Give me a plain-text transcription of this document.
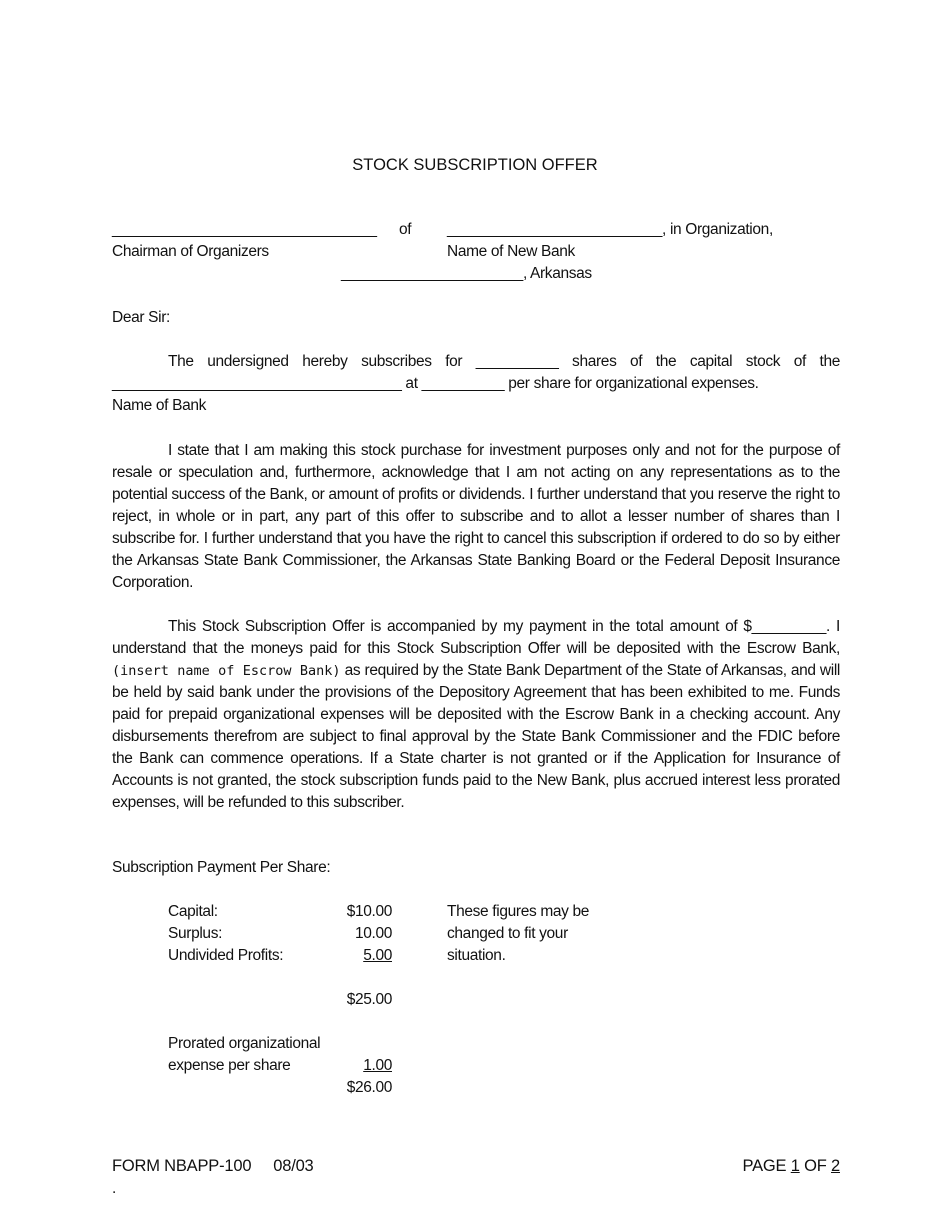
STOCK SUBSCRIPTION OFFER
________________________________ of __________________________, in Organization,
Chairman of Organizers	Name of New Bank
______________________, Arkansas
Dear Sir:
The undersigned hereby subscribes for __________ shares of the capital stock of the
___________________________________ at __________ per share for organizational expenses.
Name of Bank

I state that I am making this stock purchase for investment purposes only and not for the purpose of resale or speculation and, furthermore, acknowledge that I am not acting on any representations as to the potential success of the Bank, or amount of profits or dividends. I further understand that you reserve the right to reject, in whole or in part, any part of this offer to subscribe and to allot a lesser number of shares than I subscribe for. I further understand that you have the right to cancel this subscription if ordered to do so by either the Arkansas State Bank Commissioner, the Arkansas State Banking Board or the Federal Deposit Insurance Corporation.

This Stock Subscription Offer is accompanied by my payment in the total amount of $_________. I understand that the moneys paid for this Stock Subscription Offer will be deposited with the Escrow Bank, (insert name of Escrow Bank) as required by the State Bank Department of the State of Arkansas, and will be held by said bank under the provisions of the Depository Agreement that has been exhibited to me. Funds paid for prepaid organizational expenses will be deposited with the Escrow Bank in a checking account. Any disbursements therefrom are subject to final approval by the State Bank Commissioner and the FDIC before the Bank can commence operations. If a State charter is not granted or if the Application for Insurance of Accounts is not granted, the stock subscription funds paid to the New Bank, plus accrued interest less prorated expenses, will be refunded to this subscriber.

Subscription Payment Per Share:
Capital:	$10.00
Surplus:	10.00
Undivided Profits:	5.00
$25.00
Prorated organizational
expense per share	1.00
$26.00
These figures may be
changed to fit your
situation.
FORM NBAPP-100     08/03	PAGE 1 OF 2
.
